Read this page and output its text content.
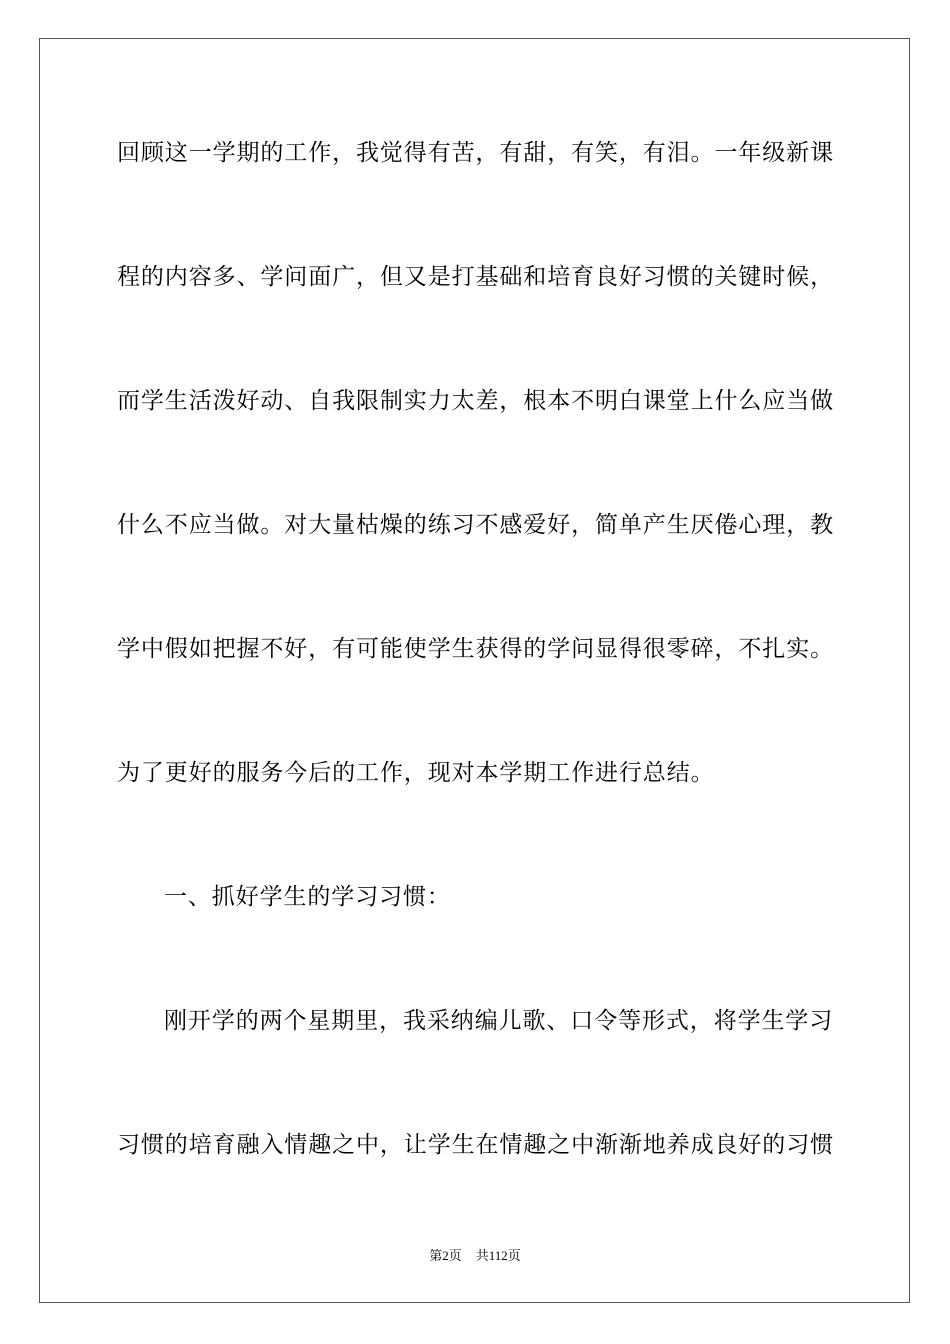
回顾这一学期的工作，我觉得有苦，有甜，有笑，有泪。一年级新课
程的内容多、学问面广，但又是打基础和培育良好习惯的关键时候，
而学生活泼好动、自我限制实力太差，根本不明白课堂上什么应当做
什么不应当做。对大量枯燥的练习不感爱好，简单产生厌倦心理，教
学中假如把握不好，有可能使学生获得的学问显得很零碎，不扎实。
为了更好的服务今后的工作，现对本学期工作进行总结。
一、抓好学生的学习习惯：
刚开学的两个星期里，我采纳编儿歌、口令等形式，将学生学习
习惯的培育融入情趣之中，让学生在情趣之中渐渐地养成良好的习惯
第2页 共112页
